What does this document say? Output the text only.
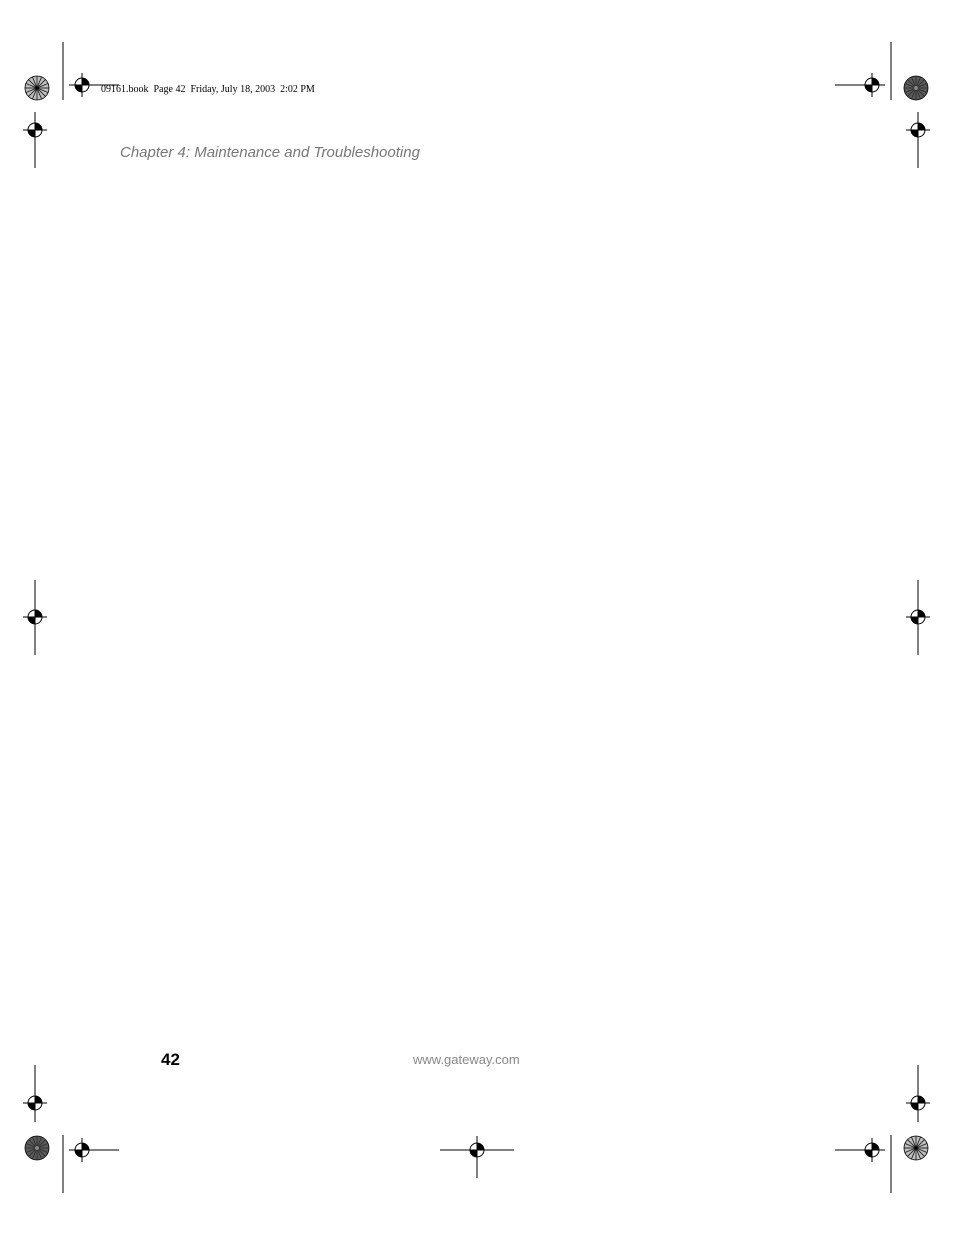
09161.book  Page 42  Friday, July 18, 2003  2:02 PM
Chapter 4: Maintenance and Troubleshooting
42	www.gateway.com
